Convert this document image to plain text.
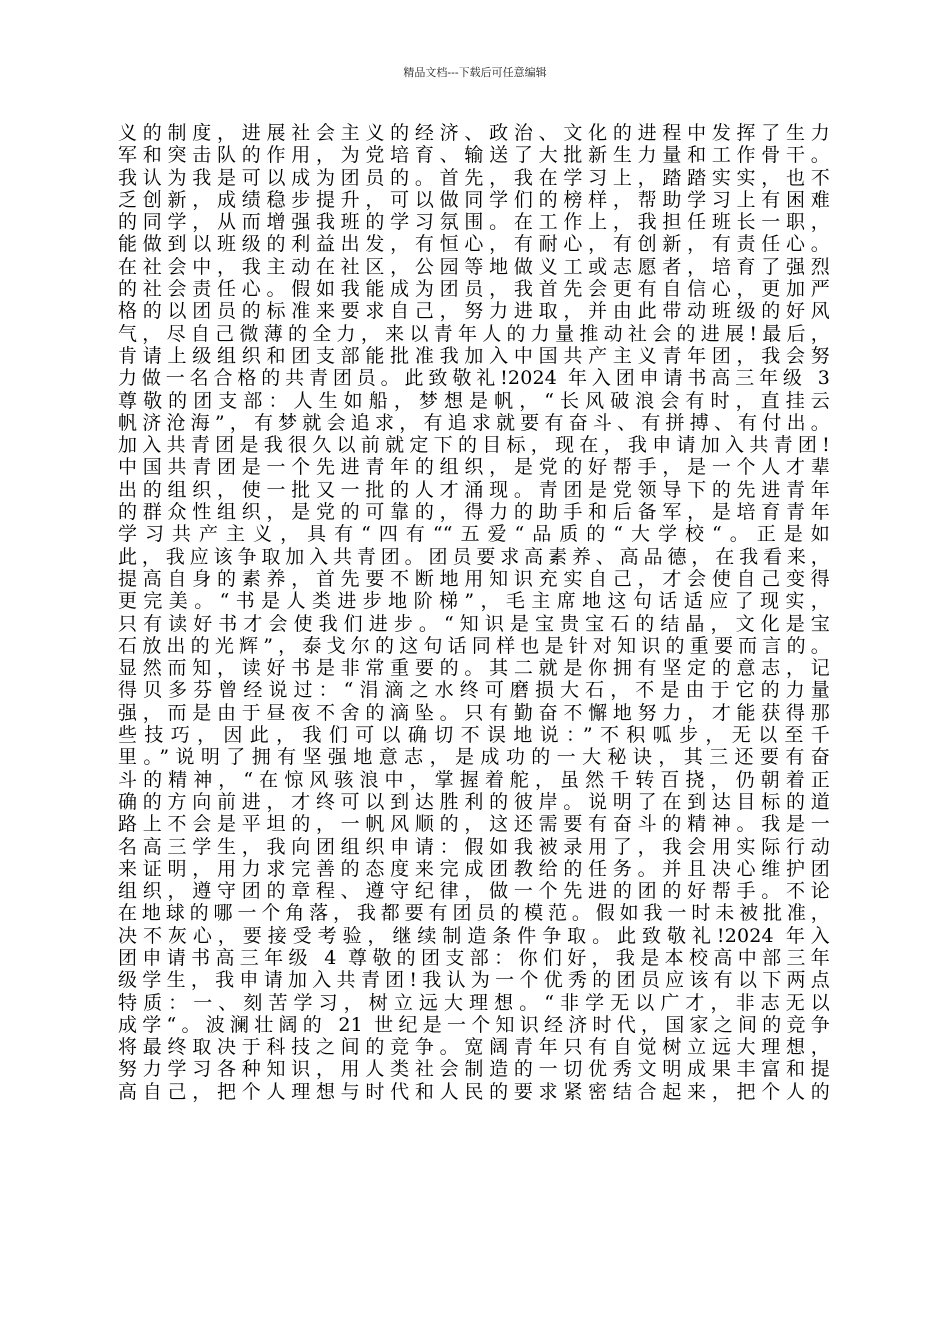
精品文档---下载后可任意编辑
义的制度，进展社会主义的经济、政治、文化的进程中发挥了生力
军和突击队的作用，为党培育、输送了大批新生力量和工作骨干。
我认为我是可以成为团员的。首先，我在学习上，踏踏实实，也不
乏创新，成绩稳步提升，可以做同学们的榜样，帮助学习上有困难
的同学，从而增强我班的学习氛围。在工作上，我担任班长一职，
能做到以班级的利益出发，有恒心，有耐心，有创新，有责任心。
在社会中，我主动在社区，公园等地做义工或志愿者，培育了强烈
的社会责任心。假如我能成为团员，我首先会更有自信心，更加严
格的以团员的标准来要求自己，努力进取，并由此带动班级的好风
气，尽自己微薄的全力，来以青年人的力量推动社会的进展!最后，
肯请上级组织和团支部能批准我加入中国共产主义青年团，我会努
力做一名合格的共青团员。此致敬礼!2024 年入团申请书高三年级 3
尊敬的团支部：人生如船，梦想是帆，“长风破浪会有时，直挂云
帆济沧海”，有梦就会追求，有追求就要有奋斗、有拼搏、有付出。
加入共青团是我很久以前就定下的目标，现在，我申请加入共青团!
中国共青团是一个先进青年的组织，是党的好帮手，是一个人才辈
出的组织，使一批又一批的人才涌现。青团是党领导下的先进青年
的群众性组织，是党的可靠的，得力的助手和后备军，是培育青年
学习共产主义，具有“四有““五爱“品质的“大学校“。正是如
此，我应该争取加入共青团。团员要求高素养、高品德，在我看来，
提高自身的素养，首先要不断地用知识充实自己，才会使自己变得
更完美。“书是人类进步地阶梯”，毛主席地这句话适应了现实，
只有读好书才会使我们进步。“知识是宝贵宝石的结晶，文化是宝
石放出的光辉”，泰戈尔的这句话同样也是针对知识的重要而言的。
显然而知，读好书是非常重要的。其二就是你拥有坚定的意志，记
得贝多芬曾经说过：“涓滴之水终可磨损大石，不是由于它的力量
强，而是由于昼夜不舍的滴坠。只有勤奋不懈地努力，才能获得那
些技巧，因此，我们可以确切不误地说：”不积呱步，无以至千
里。”说明了拥有坚强地意志，是成功的一大秘诀，其三还要有奋
斗的精神，“在惊风骇浪中，掌握着舵，虽然千转百挠，仍朝着正
确的方向前进，才终可以到达胜利的彼岸。说明了在到达目标的道
路上不会是平坦的，一帆风顺的，这还需要有奋斗的精神。我是一
名高三学生，我向团组织申请：假如我被录用了，我会用实际行动
来证明，用力求完善的态度来完成团教给的任务。并且决心维护团
组织，遵守团的章程、遵守纪律，做一个先进的团的好帮手。不论
在地球的哪一个角落，我都要有团员的模范。假如我一时未被批准，
决不灰心，要接受考验，继续制造条件争取。此致敬礼!2024 年入
团申请书高三年级 4 尊敬的团支部：你们好，我是本校高中部三年
级学生，我申请加入共青团!我认为一个优秀的团员应该有以下两点
特质：一、刻苦学习，树立远大理想。“非学无以广才，非志无以
成学“。波澜壮阔的 21 世纪是一个知识经济时代，国家之间的竞争
将最终取决于科技之间的竞争。宽阔青年只有自觉树立远大理想，
努力学习各种知识，用人类社会制造的一切优秀文明成果丰富和提
高自己，把个人理想与时代和人民的要求紧密结合起来，把个人的
